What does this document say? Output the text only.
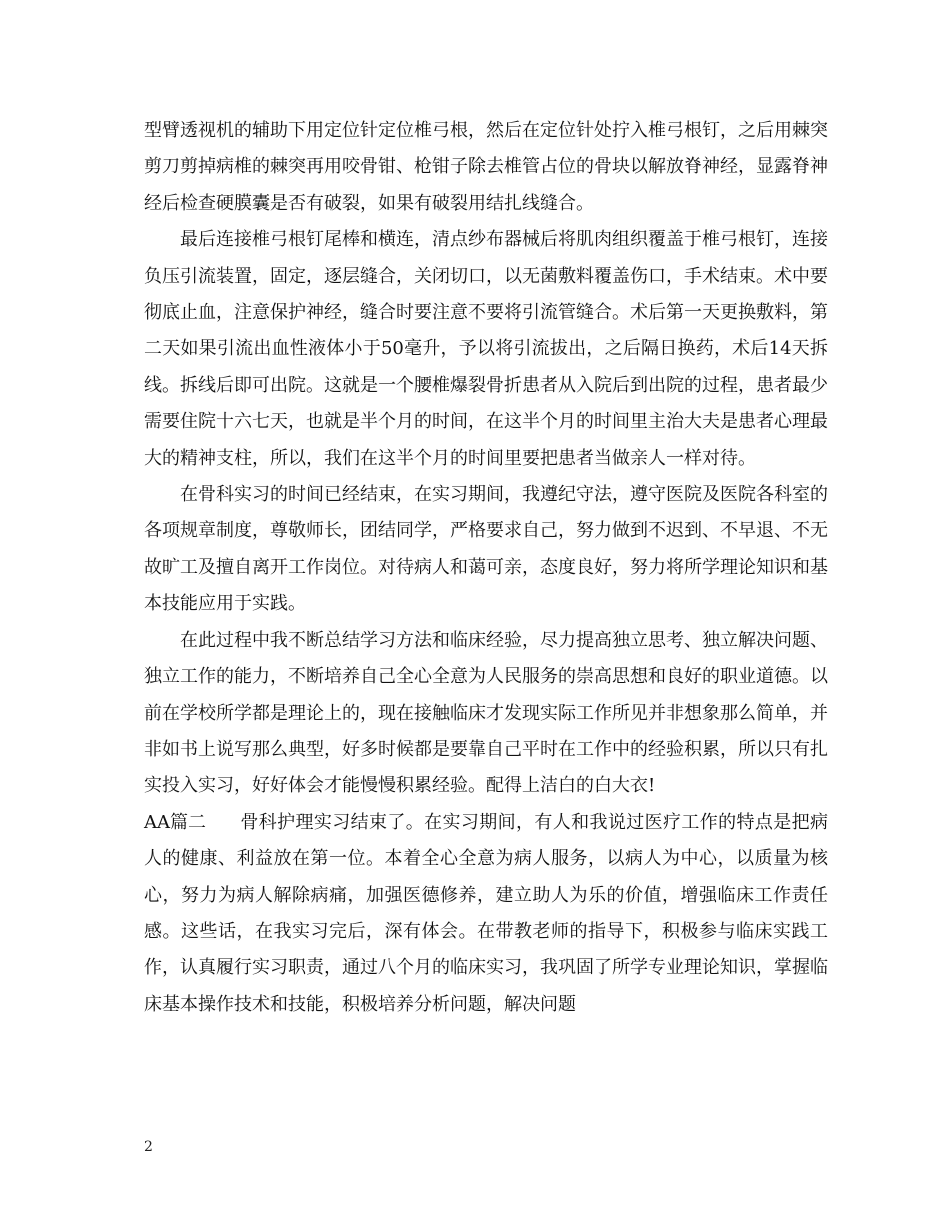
型臂透视机的辅助下用定位针定位椎弓根，然后在定位针处拧入椎弓根钉，之后用棘突剪刀剪掉病椎的棘突再用咬骨钳、枪钳子除去椎管占位的骨块以解放脊神经，显露脊神经后检查硬膜囊是否有破裂，如果有破裂用结扎线缝合。

最后连接椎弓根钉尾棒和横连，清点纱布器械后将肌肉组织覆盖于椎弓根钉，连接负压引流装置，固定，逐层缝合，关闭切口，以无菌敷料覆盖伤口，手术结束。术中要彻底止血，注意保护神经，缝合时要注意不要将引流管缝合。术后第一天更换敷料，第二天如果引流出血性液体小于50毫升，予以将引流拔出，之后隔日换药，术后14天拆线。拆线后即可出院。这就是一个腰椎爆裂骨折患者从入院后到出院的过程，患者最少需要住院十六七天，也就是半个月的时间，在这半个月的时间里主治大夫是患者心理最大的精神支柱，所以，我们在这半个月的时间里要把患者当做亲人一样对待。

在骨科实习的时间已经结束，在实习期间，我遵纪守法，遵守医院及医院各科室的各项规章制度，尊敬师长，团结同学，严格要求自己，努力做到不迟到、不早退、不无故旷工及擅自离开工作岗位。对待病人和蔼可亲，态度良好，努力将所学理论知识和基本技能应用于实践。

在此过程中我不断总结学习方法和临床经验，尽力提高独立思考、独立解决问题、独立工作的能力，不断培养自己全心全意为人民服务的崇高思想和良好的职业道德。以前在学校所学都是理论上的，现在接触临床才发现实际工作所见并非想象那么简单，并非如书上说写那么典型，好多时候都是要靠自己平时在工作中的经验积累，所以只有扎实投入实习，好好体会才能慢慢积累经验。配得上洁白的白大衣!

AA篇二 骨科护理实习结束了。在实习期间，有人和我说过医疗工作的特点是把病人的健康、利益放在第一位。本着全心全意为病人服务，以病人为中心，以质量为核心，努力为病人解除病痛，加强医德修养，建立助人为乐的价值，增强临床工作责任感。这些话，在我实习完后，深有体会。在带教老师的指导下，积极参与临床实践工作，认真履行实习职责，通过八个月的临床实习，我巩固了所学专业理论知识，掌握临床基本操作技术和技能，积极培养分析问题，解决问题

2
